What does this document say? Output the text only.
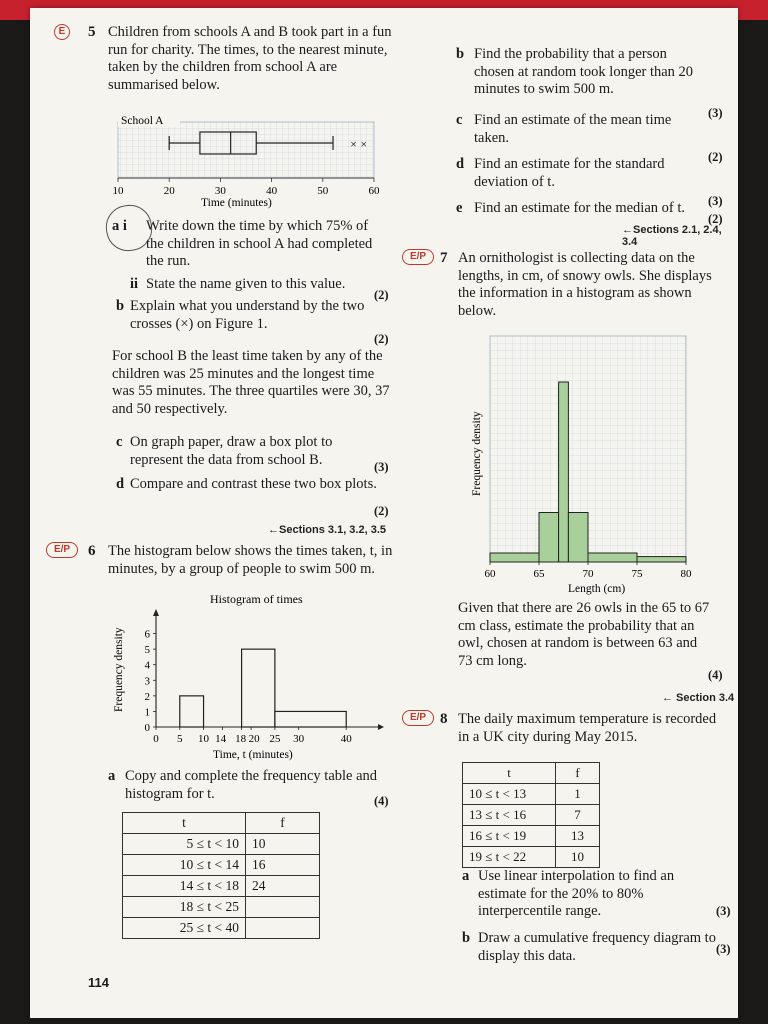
E	5 Children from schools A and B took part in a fun run for charity. The times, to the nearest minute, taken by the children from school A are summarised below.
School A
× ×
10	20	30	40	50	60
Time (minutes)
a i Write down the time by which 75% of the children in school A had completed the run.
ii State the name given to this value.
(2)
b Explain what you understand by the two crosses (×) on Figure 1.
(2)
For school B the least time taken by any of the children was 25 minutes and the longest time was 55 minutes. The three quartiles were 30, 37 and 50 respectively.
c On graph paper, draw a box plot to represent the data from school B.	(3)
d Compare and contrast these two box plots.
(2)
←Sections 3.1, 3.2, 3.5
E/P	6 The histogram below shows the times taken, t, in minutes, by a group of people to swim 500 m.
Histogram of times
Frequency density
0
1
2
3
4
5
6
0 5 10 14 18 20 25 30	40
Time, t (minutes)
a Copy and complete the frequency table and histogram for t.	(4)
t	f
5 ≤ t < 10	10
10 ≤ t < 14	16
14 ≤ t < 18	24
18 ≤ t < 25	
25 ≤ t < 40	
114
b Find the probability that a person chosen at random took longer than 20 minutes to swim 500 m.
(3)
c Find an estimate of the mean time taken.
(2)
d Find an estimate for the standard deviation of t.
(3)
e Find an estimate for the median of t.
(2)
←Sections 2.1, 2.4, 3.4
E/P 7 An ornithologist is collecting data on the lengths, in cm, of snowy owls. She displays the information in a histogram as shown below.
Frequency density
60	65	70	75	80
Length (cm)
Given that there are 26 owls in the 65 to 67 cm class, estimate the probability that an owl, chosen at random is between 63 and 73 cm long.
(4)
← Section 3.4
E/P 8 The daily maximum temperature is recorded in a UK city during May 2015.
t	f
10 ≤ t < 13	1
13 ≤ t < 16	7
16 ≤ t < 19	13
19 ≤ t < 22	10
a Use linear interpolation to find an estimate for the 20% to 80% interpercentile range.	(3)
b Draw a cumulative frequency diagram to display this data.	(3)
